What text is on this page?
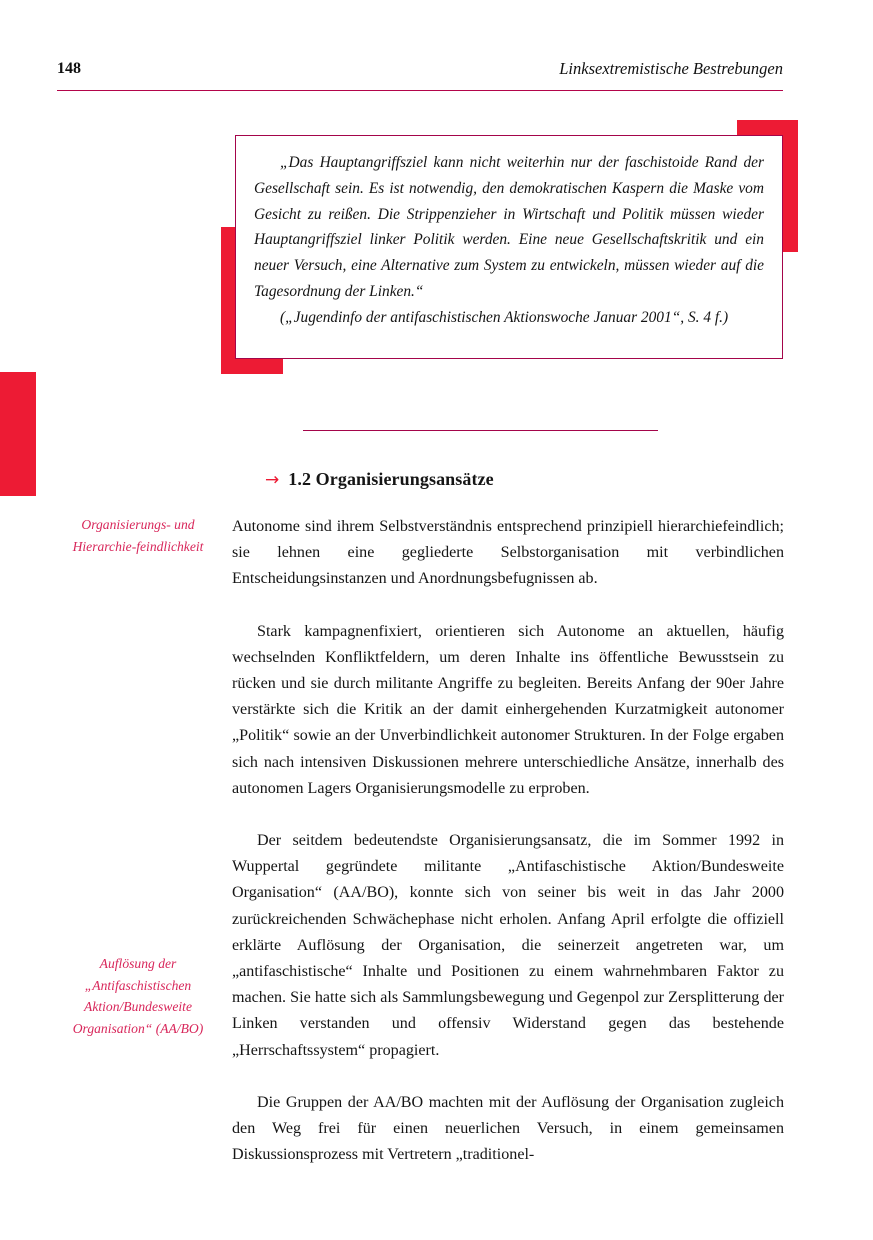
148	Linksextremistische Bestrebungen

„Das Hauptangriffsziel kann nicht weiterhin nur der faschistoide Rand der Gesellschaft sein. Es ist notwendig, den demokratischen Kaspern die Maske vom Gesicht zu reißen. Die Strippenzieher in Wirtschaft und Politik müssen wieder Hauptangriffsziel linker Politik werden. Eine neue Gesellschaftskritik und ein neuer Versuch, eine Alternative zum System zu entwickeln, müssen wieder auf die Tagesordnung der Linken.“

(„Jugendinfo der antifaschistischen Aktionswoche Januar 2001“, S. 4 f.)

→ 1.2 Organisierungsansätze
Organisierungs- und Hierarchie-feindlichkeit
Auflösung der „Antifaschistischen Aktion/Bundesweite Organisation“ (AA/BO)

Autonome sind ihrem Selbstverständnis entsprechend prinzipiell hierarchiefeindlich; sie lehnen eine gegliederte Selbstorganisation mit verbindlichen Entscheidungsinstanzen und Anordnungsbefugnissen ab.

Stark kampagnenfixiert, orientieren sich Autonome an aktuellen, häufig wechselnden Konfliktfeldern, um deren Inhalte ins öffentliche Bewusstsein zu rücken und sie durch militante Angriffe zu begleiten. Bereits Anfang der 90er Jahre verstärkte sich die Kritik an der damit einhergehenden Kurzatmigkeit autonomer „Politik“ sowie an der Unverbindlichkeit autonomer Strukturen. In der Folge ergaben sich nach intensiven Diskussionen mehrere unterschiedliche Ansätze, innerhalb des autonomen Lagers Organisierungsmodelle zu erproben.

Der seitdem bedeutendste Organisierungsansatz, die im Sommer 1992 in Wuppertal gegründete militante „Antifaschistische Aktion/Bundesweite Organisation“ (AA/BO), konnte sich von seiner bis weit in das Jahr 2000 zurückreichenden Schwächephase nicht erholen. Anfang April erfolgte die offiziell erklärte Auflösung der Organisation, die seinerzeit angetreten war, um „antifaschistische“ Inhalte und Positionen zu einem wahrnehmbaren Faktor zu machen. Sie hatte sich als Sammlungsbewegung und Gegenpol zur Zersplitterung der Linken verstanden und offensiv Widerstand gegen das bestehende „Herrschaftssystem“ propagiert.

Die Gruppen der AA/BO machten mit der Auflösung der Organisation zugleich den Weg frei für einen neuerlichen Versuch, in einem gemeinsamen Diskussionsprozess mit Vertretern „traditionel-
